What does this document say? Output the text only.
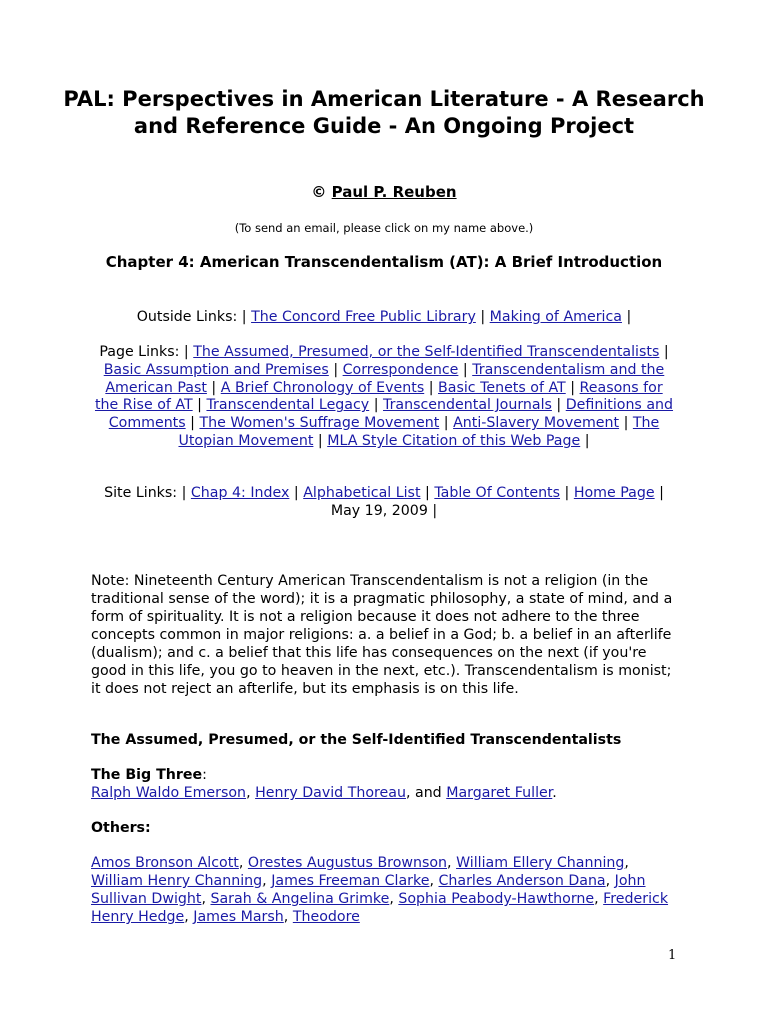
PAL: Perspectives in American Literature - A Research and Reference Guide - An Ongoing Project
© Paul P. Reuben
(To send an email, please click on my name above.)
Chapter 4: American Transcendentalism (AT): A Brief Introduction
Outside Links: | The Concord Free Public Library | Making of America |
Page Links: | The Assumed, Presumed, or the Self-Identified Transcendentalists | Basic Assumption and Premises | Correspondence | Transcendentalism and the American Past | A Brief Chronology of Events | Basic Tenets of AT | Reasons for the Rise of AT | Transcendental Legacy | Transcendental Journals | Definitions and Comments | The Women's Suffrage Movement | Anti-Slavery Movement | The Utopian Movement | MLA Style Citation of this Web Page |
Site Links: | Chap 4: Index | Alphabetical List | Table Of Contents | Home Page | May 19, 2009 |

Note: Nineteenth Century American Transcendentalism is not a religion (in the traditional sense of the word); it is a pragmatic philosophy, a state of mind, and a form of spirituality. It is not a religion because it does not adhere to the three concepts common in major religions: a. a belief in a God; b. a belief in an afterlife (dualism); and c. a belief that this life has consequences on the next (if you're good in this life, you go to heaven in the next, etc.). Transcendentalism is monist; it does not reject an afterlife, but its emphasis is on this life.

The Assumed, Presumed, or the Self-Identified Transcendentalists
The Big Three:
Ralph Waldo Emerson, Henry David Thoreau, and Margaret Fuller.
Others:
Amos Bronson Alcott, Orestes Augustus Brownson, William Ellery Channing, William Henry Channing, James Freeman Clarke, Charles Anderson Dana, John Sullivan Dwight, Sarah & Angelina Grimke, Sophia Peabody-Hawthorne, Frederick Henry Hedge, James Marsh, Theodore
1
